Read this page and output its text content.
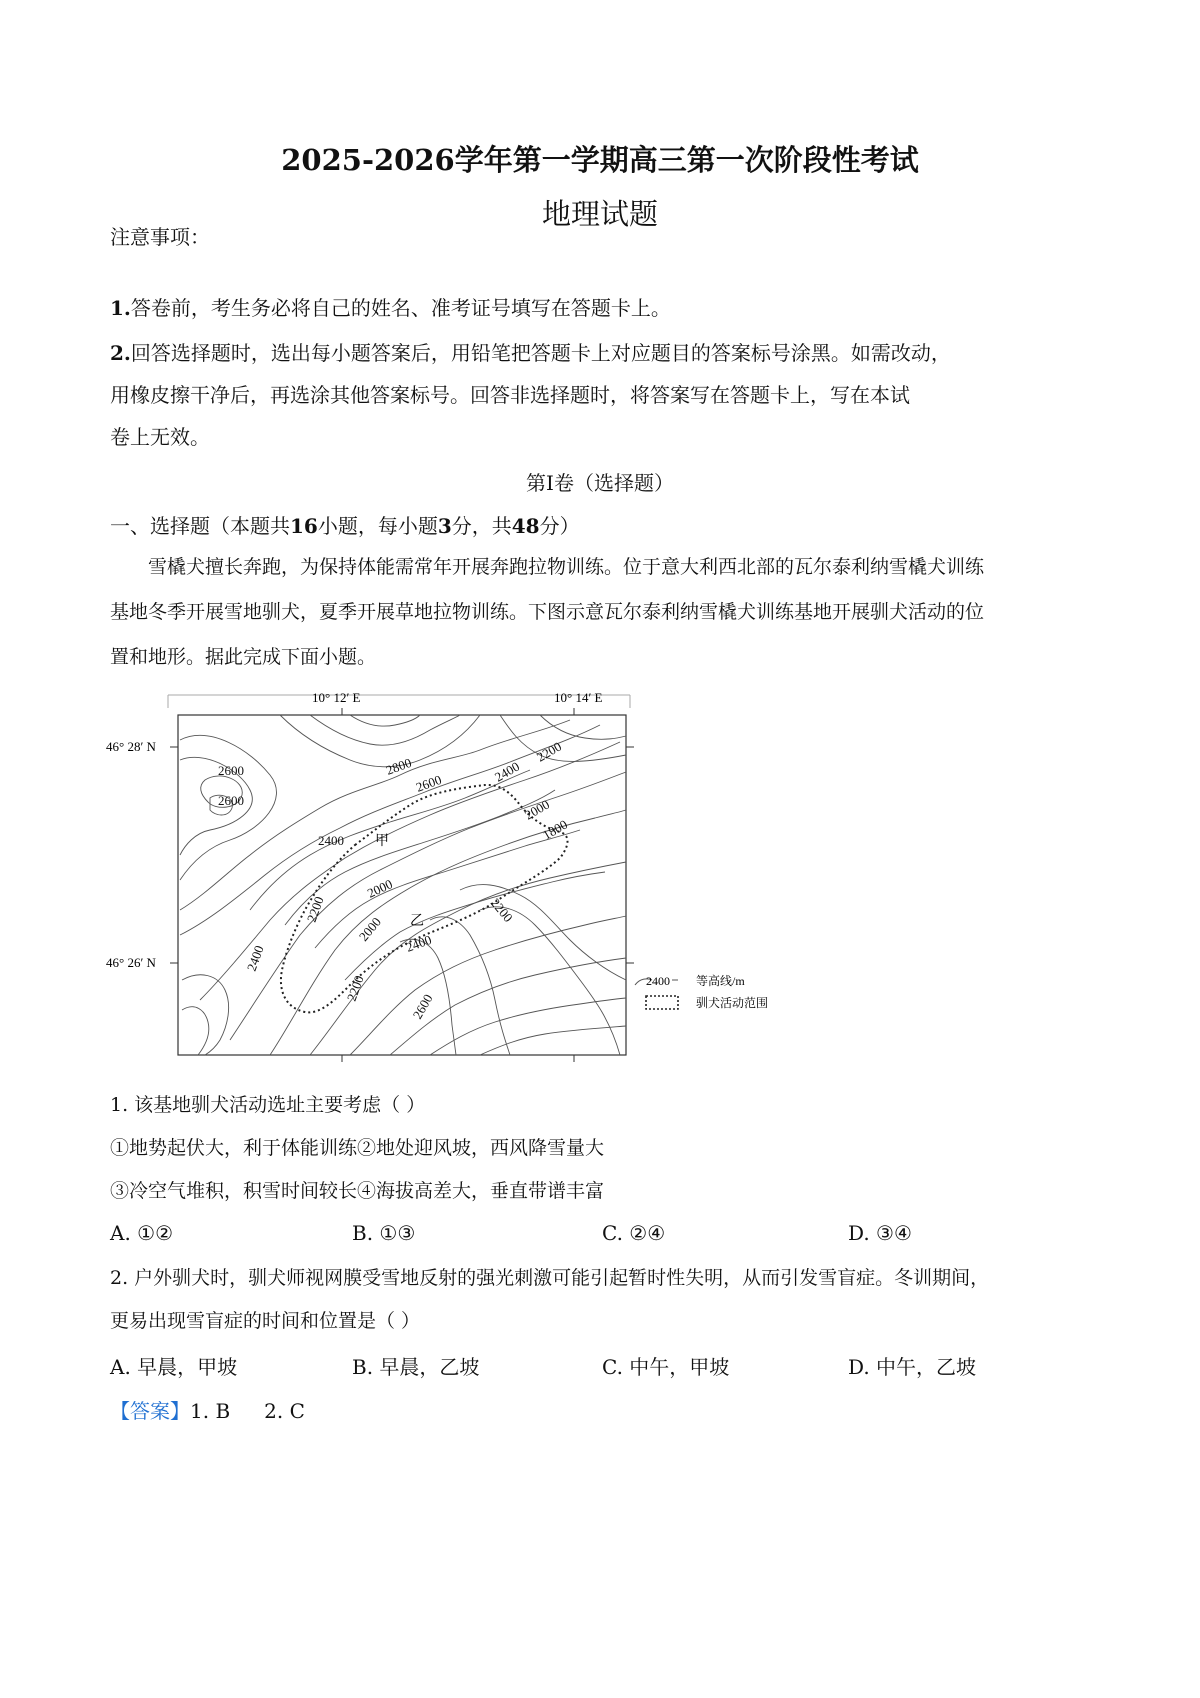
2025-2026学年第一学期高三第一次阶段性考试
地理试题
注意事项：
1.答卷前，考生务必将自己的姓名、准考证号填写在答题卡上。
2.回答选择题时，选出每小题答案后，用铅笔把答题卡上对应题目的答案标号涂黑。如需改动，
用橡皮擦干净后，再选涂其他答案标号。回答非选择题时，将答案写在答题卡上，写在本试
卷上无效。
第Ⅰ卷（选择题）
一、选择题（本题共16小题，每小题3分，共48分）
雪橇犬擅长奔跑，为保持体能需常年开展奔跑拉物训练。位于意大利西北部的瓦尔泰利纳雪橇犬训练
基地冬季开展雪地驯犬，夏季开展草地拉物训练。下图示意瓦尔泰利纳雪橇犬训练基地开展驯犬活动的位
置和地形。据此完成下面小题。
10° 12′ E	10° 14′ E
46° 28′ N
46° 26′ N
2600
2600
2800
2600	2400
2200
2000
1800
2400
2200
2000
2000
2200
2400
2400
2200
2600
甲
乙
2400 等高线/m
驯犬活动范围
1. 该基地驯犬活动选址主要考虑（ ）
①地势起伏大，利于体能训练②地处迎风坡，西风降雪量大
③冷空气堆积，积雪时间较长④海拔高差大，垂直带谱丰富
A. ①②	B. ①③	C. ②④	D. ③④
2. 户外驯犬时，驯犬师视网膜受雪地反射的强光刺激可能引起暂时性失明，从而引发雪盲症。冬训期间，
更易出现雪盲症的时间和位置是（ ）
A. 早晨，甲坡	B. 早晨，乙坡	C. 中午，甲坡	D. 中午，乙坡
【答案】1. B 2. C
